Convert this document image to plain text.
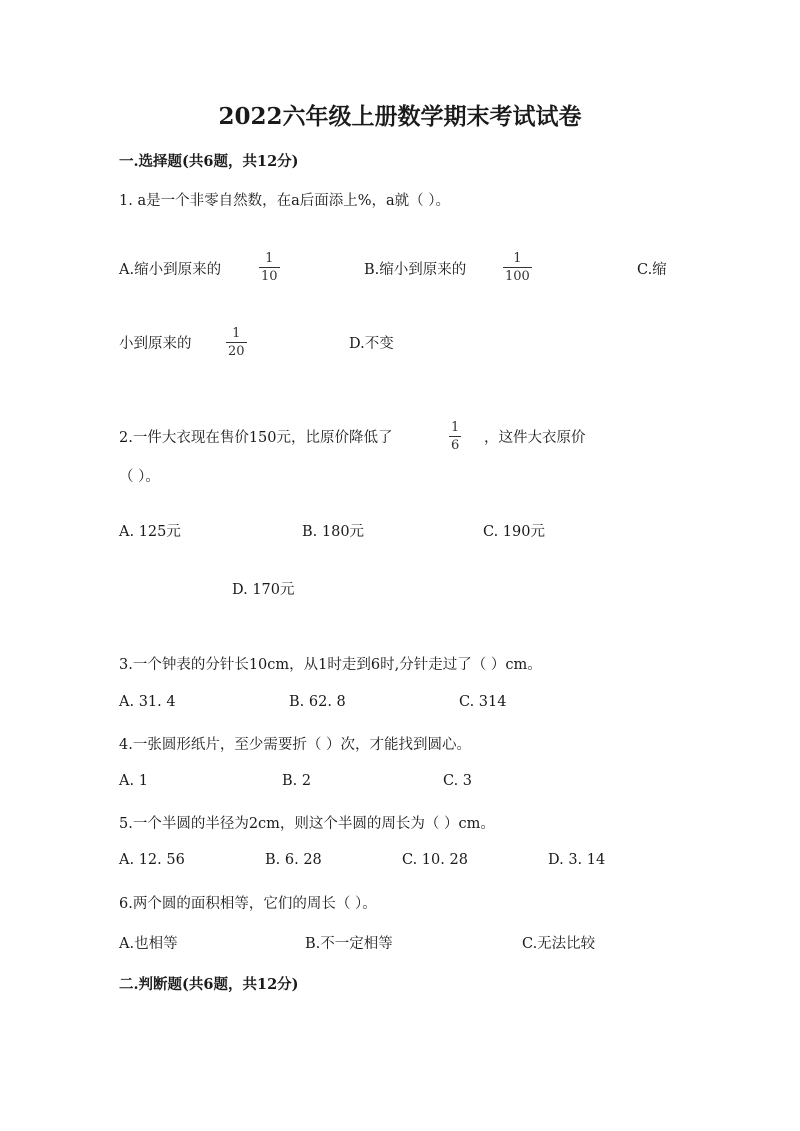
2022六年级上册数学期末考试试卷
一.选择题(共6题，共12分)
1. a是一个非零自然数，在a后面添上%，a就（ ）。
A.缩小到原来的
1
10	B.缩小到原来的
1
100	C.缩
小到原来的
1
20	D.不变
2.一件大衣现在售价150元，比原价降低了
1
6 ，这件大衣原价
（ ）。
A. 125元	B. 180元	C. 190元
D. 170元
3.一个钟表的分针长10cm，从1时走到6时,分针走过了（ ）cm。
A. 31. 4	B. 62. 8	C. 314
4.一张圆形纸片，至少需要折（ ）次，才能找到圆心。
A. 1	B. 2	C. 3
5.一个半圆的半径为2cm，则这个半圆的周长为（ ）cm。
A. 12. 56	B. 6. 28	C. 10. 28	D. 3. 14
6.两个圆的面积相等，它们的周长（ ）。
A.也相等	B.不一定相等	C.无法比较
二.判断题(共6题，共12分)
